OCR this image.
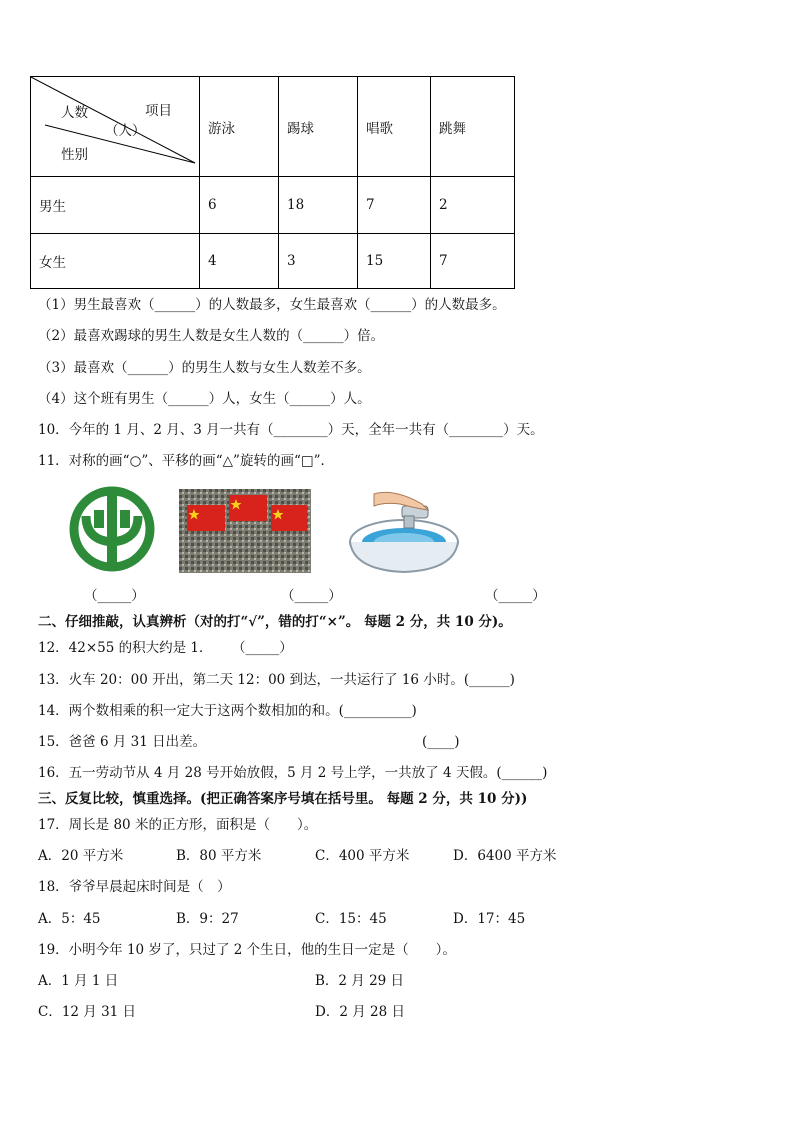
项目
人数
（人）
性别	游泳	踢球	唱歌	跳舞
男生	6	18	7	2
女生	4	3	15	7
（1）男生最喜欢（______）的人数最多，女生最喜欢（______）的人数最多。
（2）最喜欢踢球的男生人数是女生人数的（______）倍。
（3）最喜欢（______）的男生人数与女生人数差不多。
（4）这个班有男生（______）人，女生（______）人。
10．今年的 1 月、2 月、3 月一共有（________）天，全年一共有（________）天。
11．对称的画“○”、平移的画“△”旋转的画“□”．
（_____）	（_____）	（_____）
二、仔细推敲，认真辨析（对的打“√”，错的打“×”。 每题 2 分，共 10 分)。
12．42×55 的积大约是 1． （_____）
13．火车 20：00 开出，第二天 12：00 到达，一共运行了 16 小时。(______)
14．两个数相乘的积一定大于这两个数相加的和。(__________)
15．爸爸 6 月 31 日出差。	(____)
16．五一劳动节从 4 月 28 号开始放假，5 月 2 号上学，一共放了 4 天假。(______)
三、反复比较，慎重选择。(把正确答案序号填在括号里。 每题 2 分，共 10 分))
17．周长是 80 米的正方形，面积是（　　）。
A．20 平方米	B．80 平方米	C．400 平方米	D．6400 平方米
18．爷爷早晨起床时间是（　）
A．5：45	B．9：27	C．15：45	D．17：45
19．小明今年 10 岁了，只过了 2 个生日，他的生日一定是（　　）。
A．1 月 1 日	B．2 月 29 日
C．12 月 31 日	D．2 月 28 日
